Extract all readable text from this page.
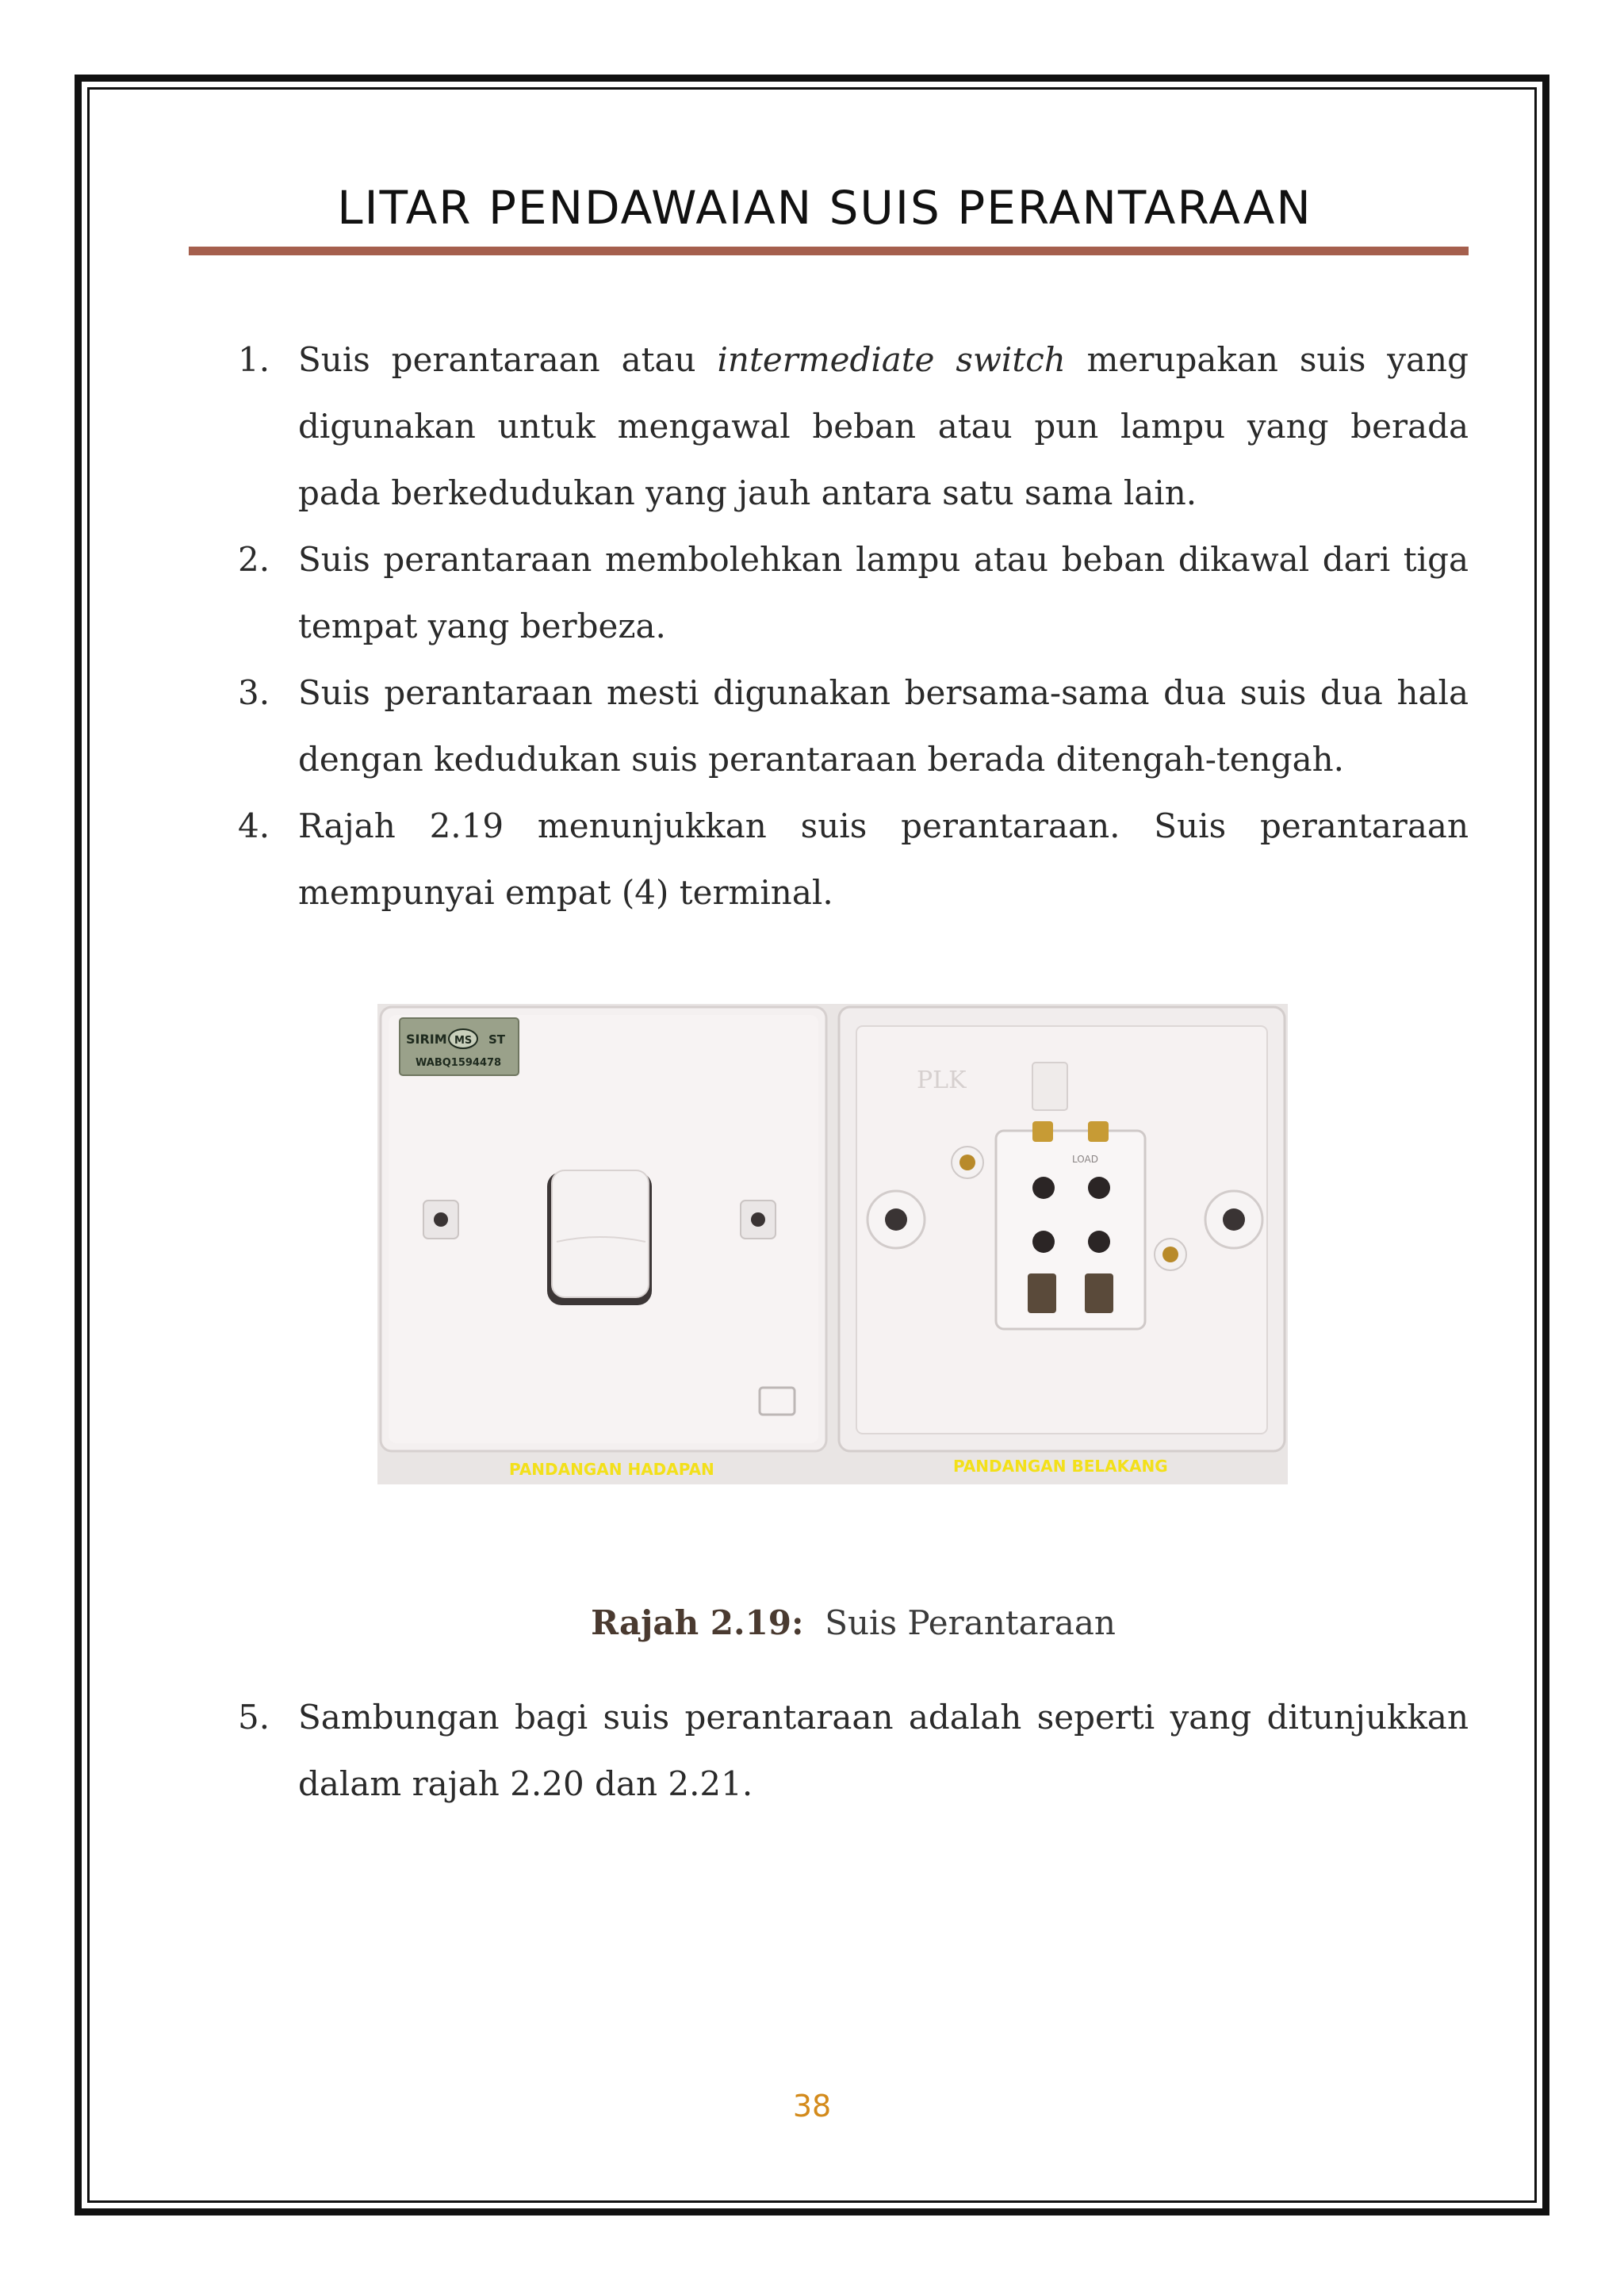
LITAR PENDAWAIAN SUIS PERANTARAAN
1. Suis perantaraan atau intermediate switch merupakan suis yang digunakan untuk mengawal beban atau pun lampu yang berada pada berkedudukan yang jauh antara satu sama lain.
2. Suis perantaraan membolehkan lampu atau beban dikawal dari tiga tempat yang berbeza.
3. Suis perantaraan mesti digunakan bersama-sama dua suis dua hala dengan kedudukan suis perantaraan berada ditengah-tengah.
4. Rajah 2.19 menunjukkan suis perantaraan. Suis perantaraan mempunyai empat (4) terminal.
SIRIM MS ST
WABQ1594478
PLK
LOAD
PANDANGAN HADAPAN	PANDANGAN BELAKANG
Rajah 2.19: Suis Perantaraan
5. Sambungan bagi suis perantaraan adalah seperti yang ditunjukkan dalam rajah 2.20 dan 2.21.
38
